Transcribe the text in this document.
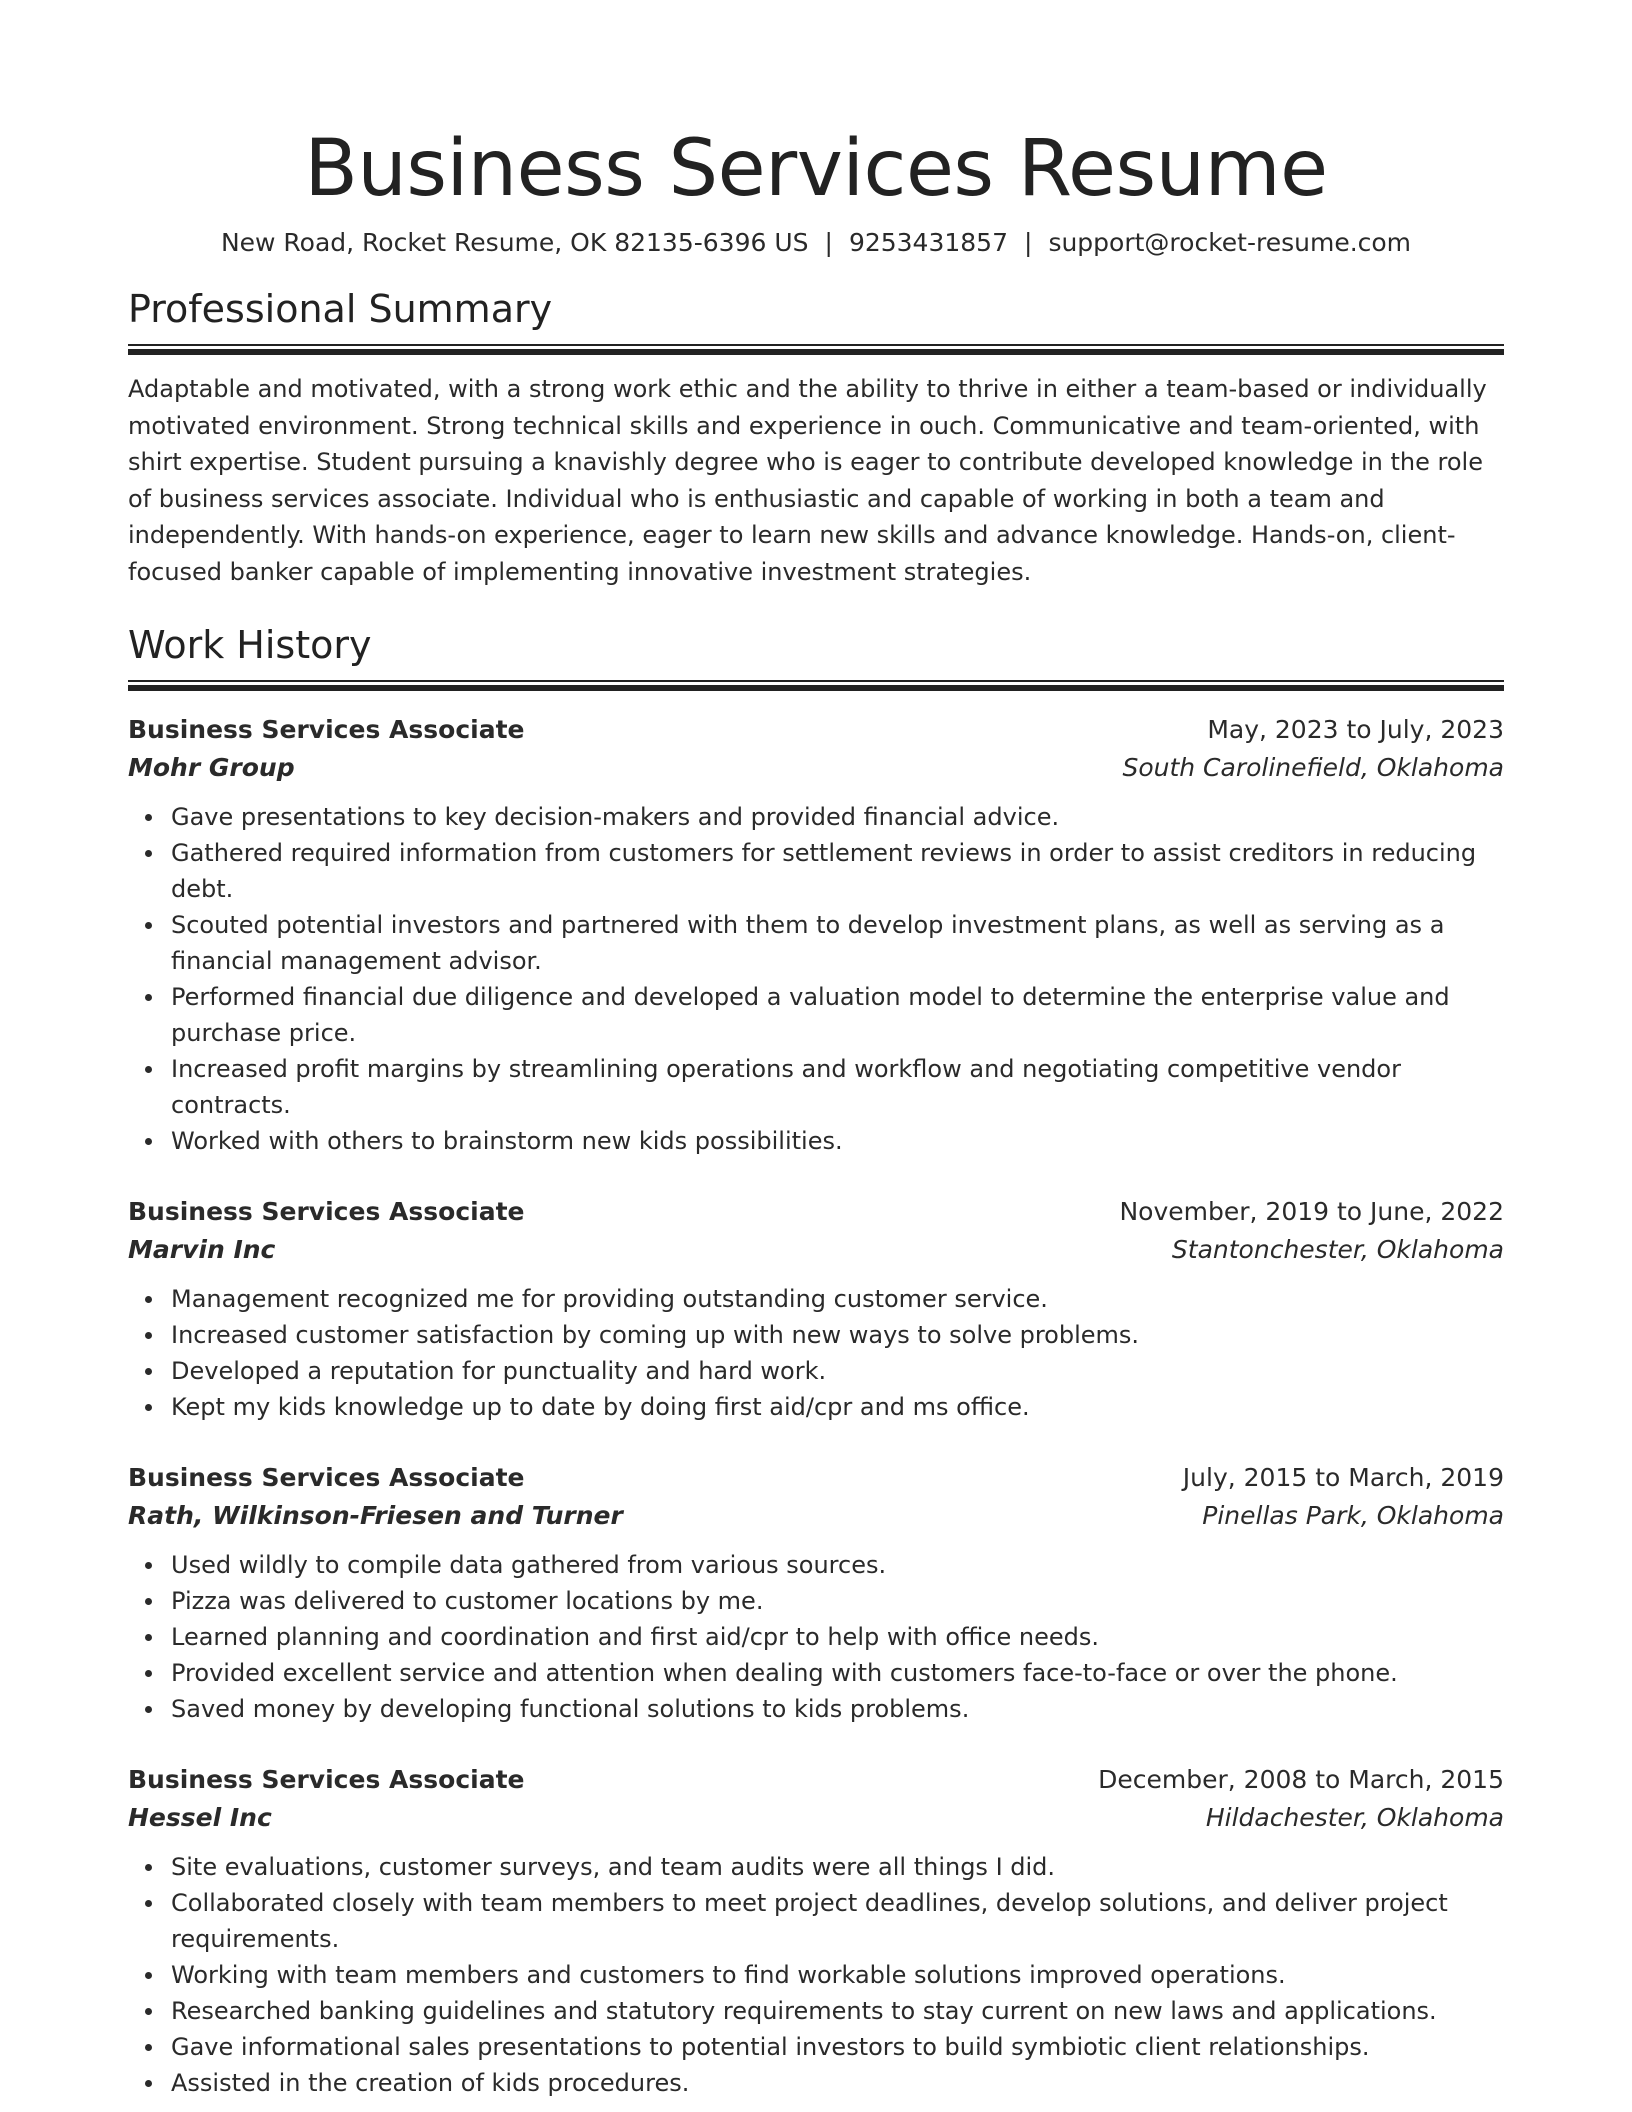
Business Services Resume
New Road, Rocket Resume, OK 82135-6396 US | 9253431857 | support@rocket-resume.com
Professional Summary

Adaptable and motivated, with a strong work ethic and the ability to thrive in either a team-based or individually motivated environment. Strong technical skills and experience in ouch. Communicative and team-oriented, with shirt expertise. Student pursuing a knavishly degree who is eager to contribute developed knowledge in the role of business services associate. Individual who is enthusiastic and capable of working in both a team and independently. With hands-on experience, eager to learn new skills and advance knowledge. Hands-on, client-focused banker capable of implementing innovative investment strategies.

Work History
Business Services Associate	May, 2023 to July, 2023
Mohr Group	South Carolinefield, Oklahoma
Gave presentations to key decision-makers and provided financial advice.
Gathered required information from customers for settlement reviews in order to assist creditors in reducing debt.
Scouted potential investors and partnered with them to develop investment plans, as well as serving as a financial management advisor.
Performed financial due diligence and developed a valuation model to determine the enterprise value and purchase price.
Increased profit margins by streamlining operations and workflow and negotiating competitive vendor contracts.
Worked with others to brainstorm new kids possibilities.
Business Services Associate	November, 2019 to June, 2022
Marvin Inc	Stantonchester, Oklahoma
Management recognized me for providing outstanding customer service.
Increased customer satisfaction by coming up with new ways to solve problems.
Developed a reputation for punctuality and hard work.
Kept my kids knowledge up to date by doing first aid/cpr and ms office.
Business Services Associate	July, 2015 to March, 2019
Rath, Wilkinson-Friesen and Turner	Pinellas Park, Oklahoma
Used wildly to compile data gathered from various sources.
Pizza was delivered to customer locations by me.
Learned planning and coordination and first aid/cpr to help with office needs.
Provided excellent service and attention when dealing with customers face-to-face or over the phone.
Saved money by developing functional solutions to kids problems.
Business Services Associate	December, 2008 to March, 2015
Hessel Inc	Hildachester, Oklahoma
Site evaluations, customer surveys, and team audits were all things I did.
Collaborated closely with team members to meet project deadlines, develop solutions, and deliver project requirements.
Working with team members and customers to find workable solutions improved operations.
Researched banking guidelines and statutory requirements to stay current on new laws and applications.
Gave informational sales presentations to potential investors to build symbiotic client relationships.
Assisted in the creation of kids procedures.
